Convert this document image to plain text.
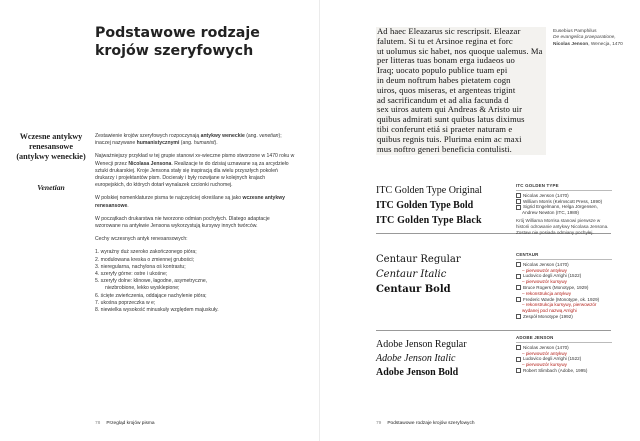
Podstawowe rodzaje krojów szeryfowych
Wczesne antykwy renesansowe (antykwy weneckie)
Venetian

Zestawienie krojów szeryfowych rozpoczynają antykwy weneckie (ang. venetian); inaczej nazywane humanistycznymi (ang. humanist).

Najważniejszy przykład w tej grupie stanowi xv-wieczne pismo stworzone w 1470 roku w Wenecji przez Nicolasa Jensona. Realizacje te do dzisiaj uznawane są za arcydzieło sztuki drukarskiej. Kroje Jensona stały się inspiracją dla wielu przyszłych pokoleń drukarzy i projektantów pism. Docierały i były rozwijane w kolejnych krajach europejskich, do których dotarł wynalazek czcionki ruchomej.

W polskiej nomenklaturze pisma te najczęściej określane są jako wczesne antykwy renesansowe.

W początkach drukarstwa nie tworzono odmian pochyłych. Dlatego adaptacje wzorowane na antykwie Jensona wykorzystują kursywy innych twórców.

Cechy wczesnych antyk renesansowych:

1. wyraźny duż szeroko zakończonego pióra;
2. modulowana kreska o zmiennej grubości;
3. nieregularna, nachylona oś kontrastu;
4. szeryfy górne: ostre i ukośne;
5. szeryfy dolne: klinowe, łagodne, asymetryczne,
niezbrobione, lekko wysklepione;
6. ścięte zwieńczenia, oddające nachylenie pióra;
7. ukośna poprzeczka w e;
8. niewielka wysokość minuskuły względem majuskuły.
78 Przegląd krojów pisma
Ad haec Eleazarus sic rescripsit. Eleazar
falutem. Si tu et Arsinoe regina et forc
ut uolumus sic habet, nos quoque ualemus. Ma
per litteras tuas bonam erga iudaeos uo
Iraq; uocato populo publice tuam epi
in deum noftrum habes pietatem cogn
uiros, quos miseras, et argenteas trigint
ad sacrificandum et ad alia facunda d
sex uiros autem qui Andreas & Aristo uir
quibus admirati sunt quibus latus diximus
tibi conferunt etiá si praeter naturam e
quibus regnis tuis. Plurima enim ac maxi
mus noftro generi beneficia contulisti.
Eusebius Pamphilus
De evangelica praeparatione,
Nicolas Jenson, Wenecja, 1470
ITC Golden Type Original
ITC Golden Type Bold
ITC Golden Type Black
Centaur Regular
Centaur Italic
Centaur Bold
Adobe Jenson Regular
Adobe Jenson Italic
Adobe Jenson Bold
ITC GOLDEN TYPE
Nicolas Jenson (1470)
William Morris (Kelmscott Press, 1890)
Sigrid Engelmann, Helga Jörgensen,
Andrew Newton (ITC, 1989)
Krój Williama Morrisa stanowi pierwsze w historii odrowanie antykwy Nicolasa Jensona. Zostaw nie posiada odmiany pochyłej.
CENTAUR
Nicolas Jenson (1470)
– pierwowzór antykwy
Ludovico degli Arrighi (1522)
– pierwowzór kursywy
Bruce Rogers (Monotype, 1929)
– rekonstrukcja antykwy
Frederic Warde (Monotype, ok. 1929)
– rekonstrukcja kursywy, pierwowzór wydanej pod nazwą Arrighi
Zespół Monotype (1992)
ADOBE JENSON
Nicolas Jenson (1470)
– pierwowzór antykwy
Ludovico degli Arrighi (1522)
– pierwowzór kursywy
Robert Slimbach (Adobe, 1995)
79 Podstawowe rodzaje krojów szeryfowych
